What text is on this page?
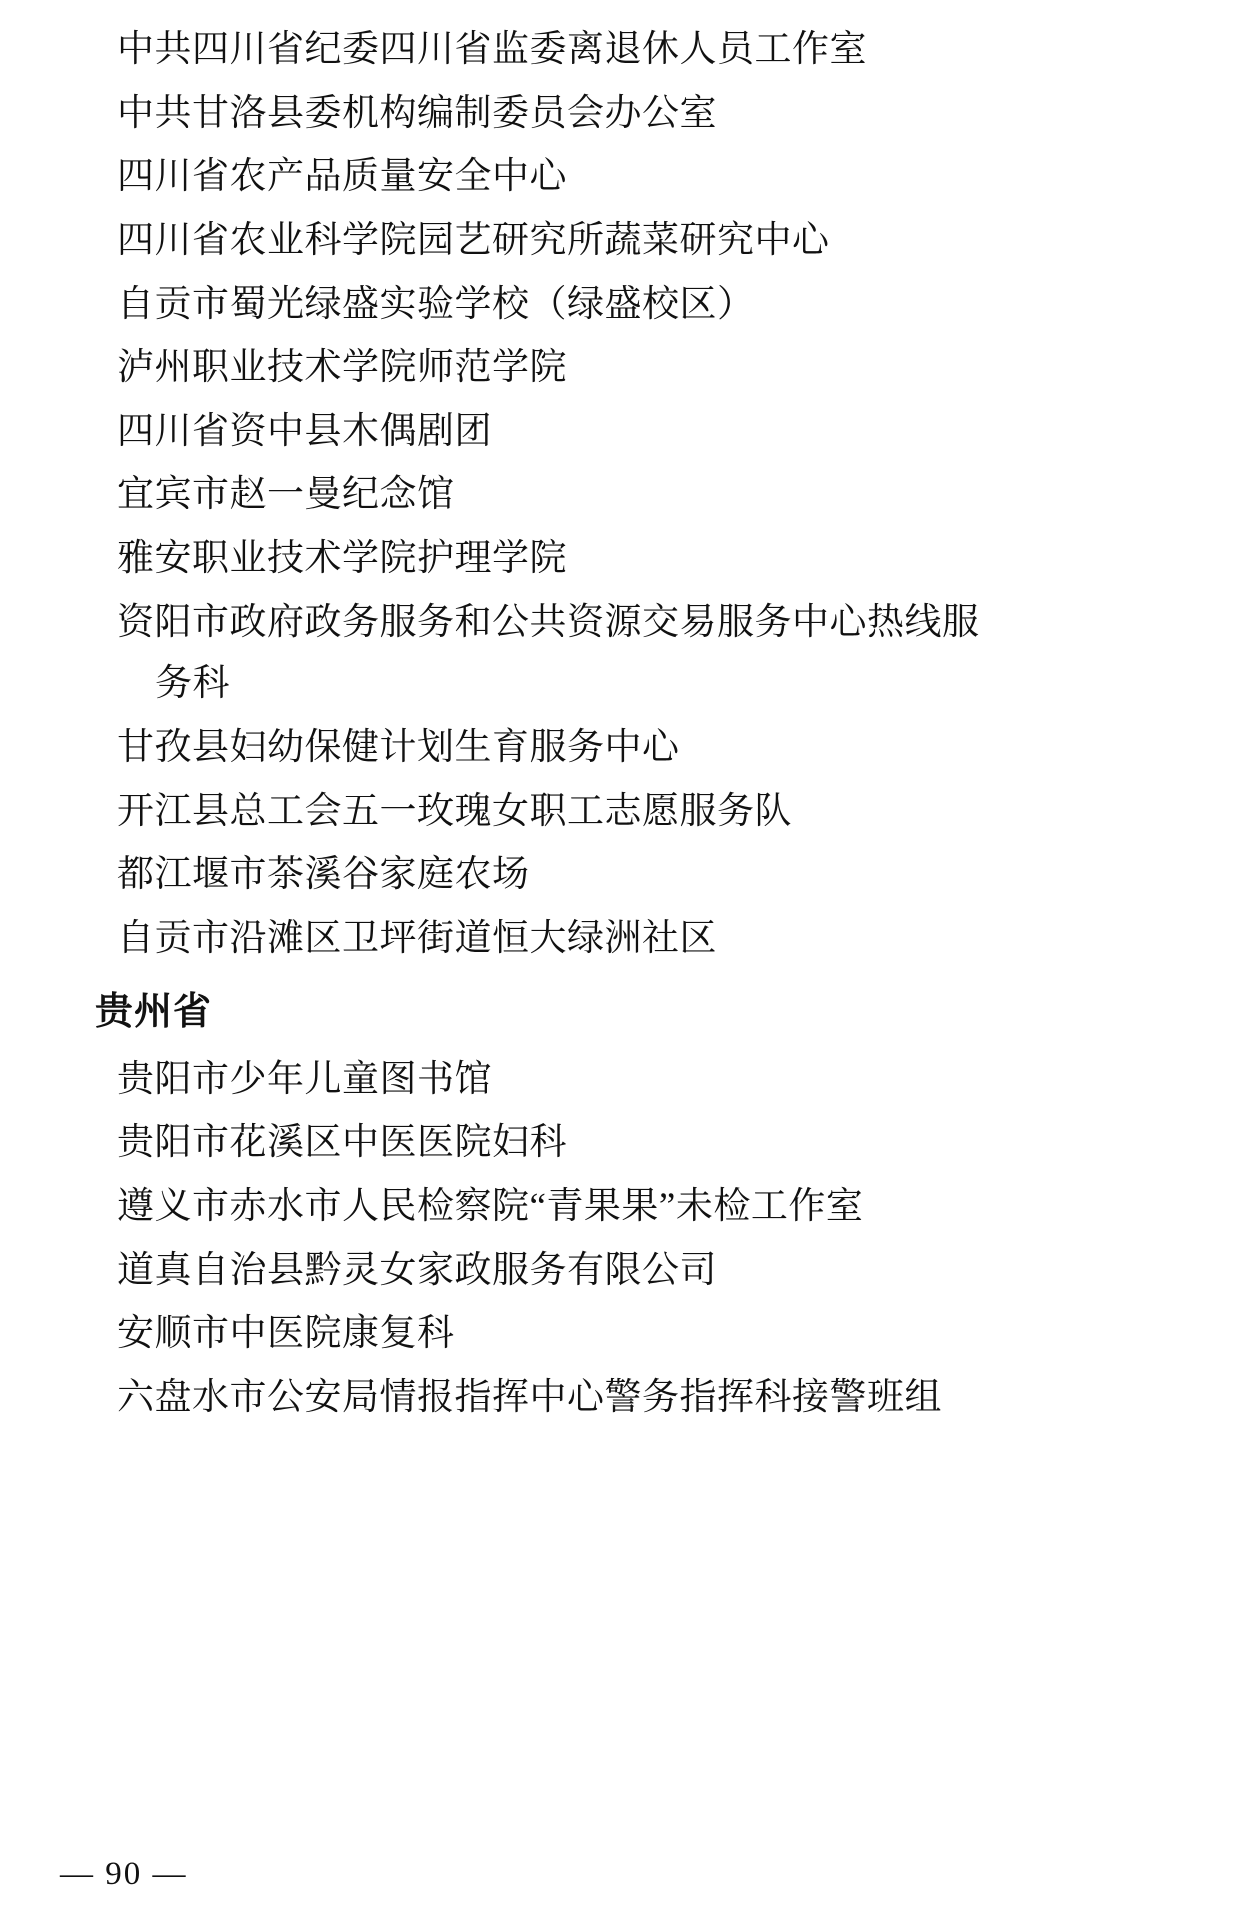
中共四川省纪委四川省监委离退休人员工作室

中共甘洛县委机构编制委员会办公室

四川省农产品质量安全中心

四川省农业科学院园艺研究所蔬菜研究中心

自贡市蜀光绿盛实验学校（绿盛校区）

泸州职业技术学院师范学院

四川省资中县木偶剧团

宜宾市赵一曼纪念馆

雅安职业技术学院护理学院

资阳市政府政务服务和公共资源交易服务中心热线服
务科

甘孜县妇幼保健计划生育服务中心

开江县总工会五一玫瑰女职工志愿服务队

都江堰市茶溪谷家庭农场

自贡市沿滩区卫坪街道恒大绿洲社区

贵州省

贵阳市少年儿童图书馆

贵阳市花溪区中医医院妇科

遵义市赤水市人民检察院“青果果”未检工作室

道真自治县黔灵女家政服务有限公司

安顺市中医院康复科

六盘水市公安局情报指挥中心警务指挥科接警班组

— 90 —
